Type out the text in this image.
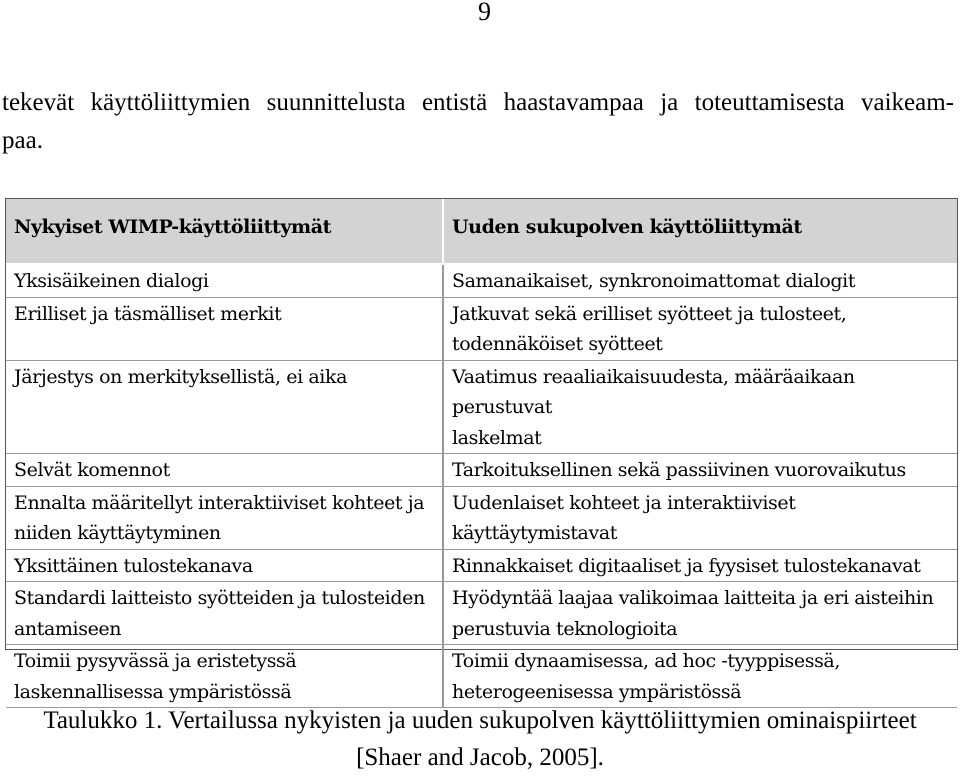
9
tekevät käyttöliittymien suunnittelusta entistä haastavampaa ja toteuttamisesta vaikeam-
paa.
Nykyiset WIMP-käyttöliittymät	Uuden sukupolven käyttöliittymät

Yksisäikeinen dialogi	Samanaikaiset, synkronoimattomat dialogit

Erilliset ja täsmälliset merkit	Jatkuvat sekä erilliset syötteet ja tulosteet,
todennäköiset syötteet

Järjestys on merkityksellistä, ei aika	Vaatimus reaaliaikaisuudesta, määräaikaan perustuvat
laskelmat

Selvät komennot	Tarkoituksellinen sekä passiivinen vuorovaikutus

Ennalta määritellyt interaktiiviset kohteet ja
niiden käyttäytyminen	Uudenlaiset kohteet ja interaktiiviset
käyttäytymistavat

Yksittäinen tulostekanava	Rinnakkaiset digitaaliset ja fyysiset tulostekanavat

Standardi laitteisto syötteiden ja tulosteiden
antamiseen	Hyödyntää laajaa valikoimaa laitteita ja eri aisteihin
perustuvia teknologioita

Toimii pysyvässä ja eristetyssä
laskennallisessa ympäristössä	Toimii dynaamisessa, ad hoc -tyyppisessä,
heterogeenisessa ympäristössä
Taulukko 1. Vertailussa nykyisten ja uuden sukupolven käyttöliittymien ominaispiirteet
[Shaer and Jacob, 2005].
